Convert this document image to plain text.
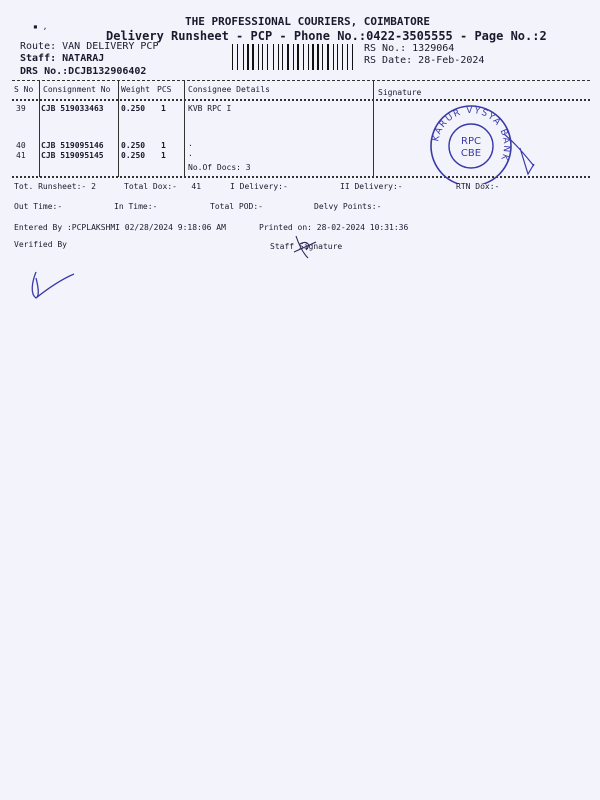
▪ ,	THE PROFESSIONAL COURIERS, COIMBATORE
Delivery Runsheet - PCP - Phone No.:0422-3505555 - Page No.:2
Route: VAN DELIVERY PCP
Staff: NATARAJ
DRS No.:DCJB132906402
RS No.: 1329064
RS Date: 28-Feb-2024
S No Consignment No Weight PCS Consignee Details	Signature
39 CJB 519033463 0.250 1	KVB RPC I
40 CJB 519095146 0.250 1	.
41 CJB 519095145 0.250 1	.
No.Of Docs: 3
KARUR VYSYA BANK
RPC
CBE
Tot. Runsheet:- 2	Total Dox:-   41	I Delivery:-	II Delivery:-	RTN Dox:-
Out Time:-	In Time:-	Total POD:-	Delvy Points:-
Entered By :PCPLAKSHMI 02/28/2024 9:18:06 AM	Printed on: 28-02-2024 10:31:36
Verified By	Staff Signature
